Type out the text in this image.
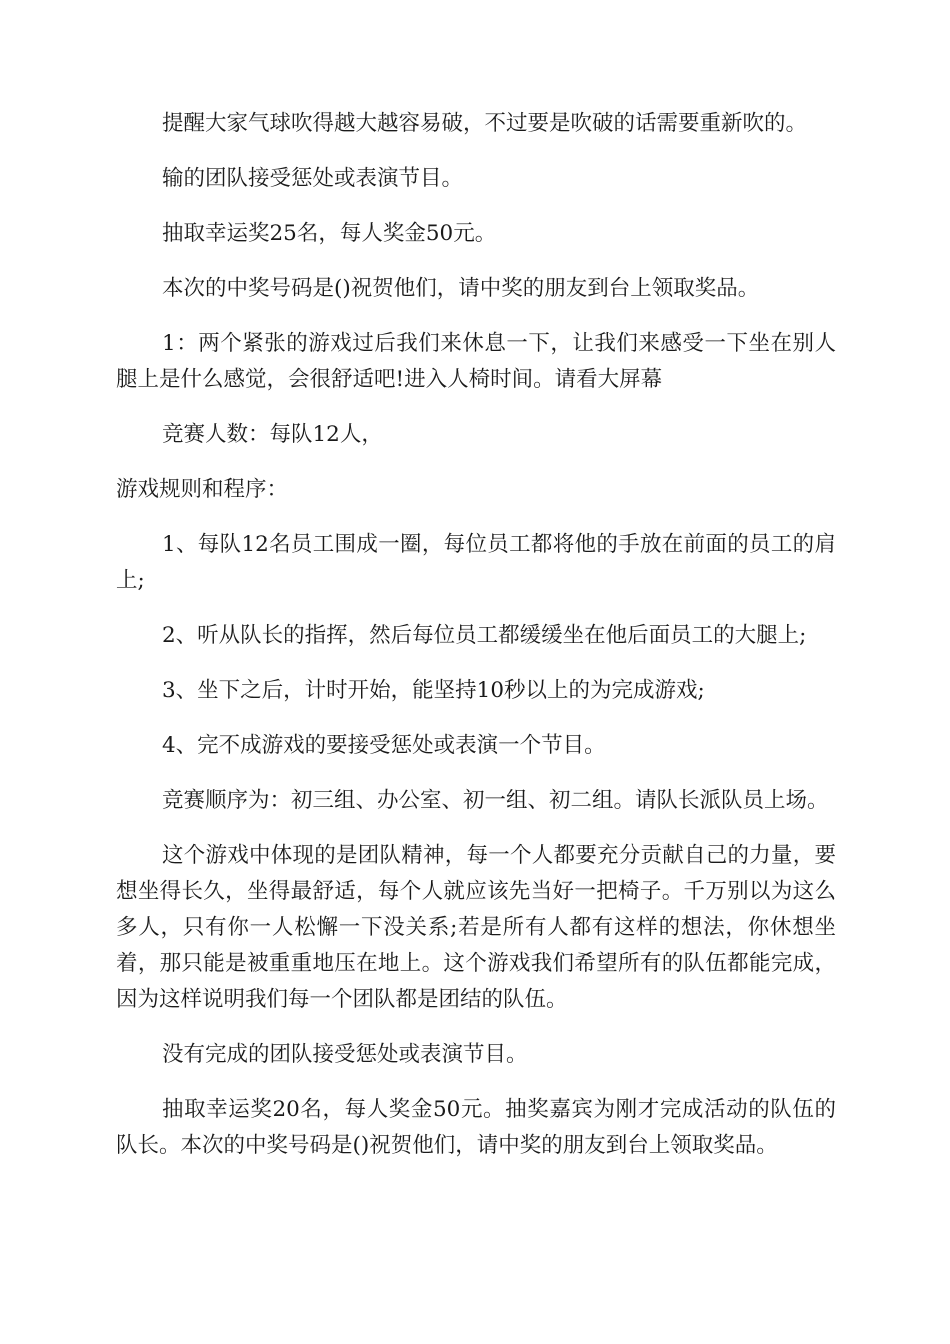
提醒大家气球吹得越大越容易破，不过要是吹破的话需要重新吹的。

输的团队接受惩处或表演节目。

抽取幸运奖25名，每人奖金50元。

本次的中奖号码是()祝贺他们，请中奖的朋友到台上领取奖品。

1：两个紧张的游戏过后我们来休息一下，让我们来感受一下坐在别人腿上是什么感觉，会很舒适吧!进入人椅时间。请看大屏幕

竞赛人数：每队12人，

游戏规则和程序：

1、每队12名员工围成一圈，每位员工都将他的手放在前面的员工的肩上;

2、听从队长的指挥，然后每位员工都缓缓坐在他后面员工的大腿上;

3、坐下之后，计时开始，能坚持10秒以上的为完成游戏;

4、完不成游戏的要接受惩处或表演一个节目。

竞赛顺序为：初三组、办公室、初一组、初二组。请队长派队员上场。

这个游戏中体现的是团队精神，每一个人都要充分贡献自己的力量，要想坐得长久，坐得最舒适，每个人就应该先当好一把椅子。千万别以为这么多人，只有你一人松懈一下没关系;若是所有人都有这样的想法，你休想坐着，那只能是被重重地压在地上。这个游戏我们希望所有的队伍都能完成，因为这样说明我们每一个团队都是团结的队伍。

没有完成的团队接受惩处或表演节目。

抽取幸运奖20名，每人奖金50元。抽奖嘉宾为刚才完成活动的队伍的队长。本次的中奖号码是()祝贺他们，请中奖的朋友到台上领取奖品。
